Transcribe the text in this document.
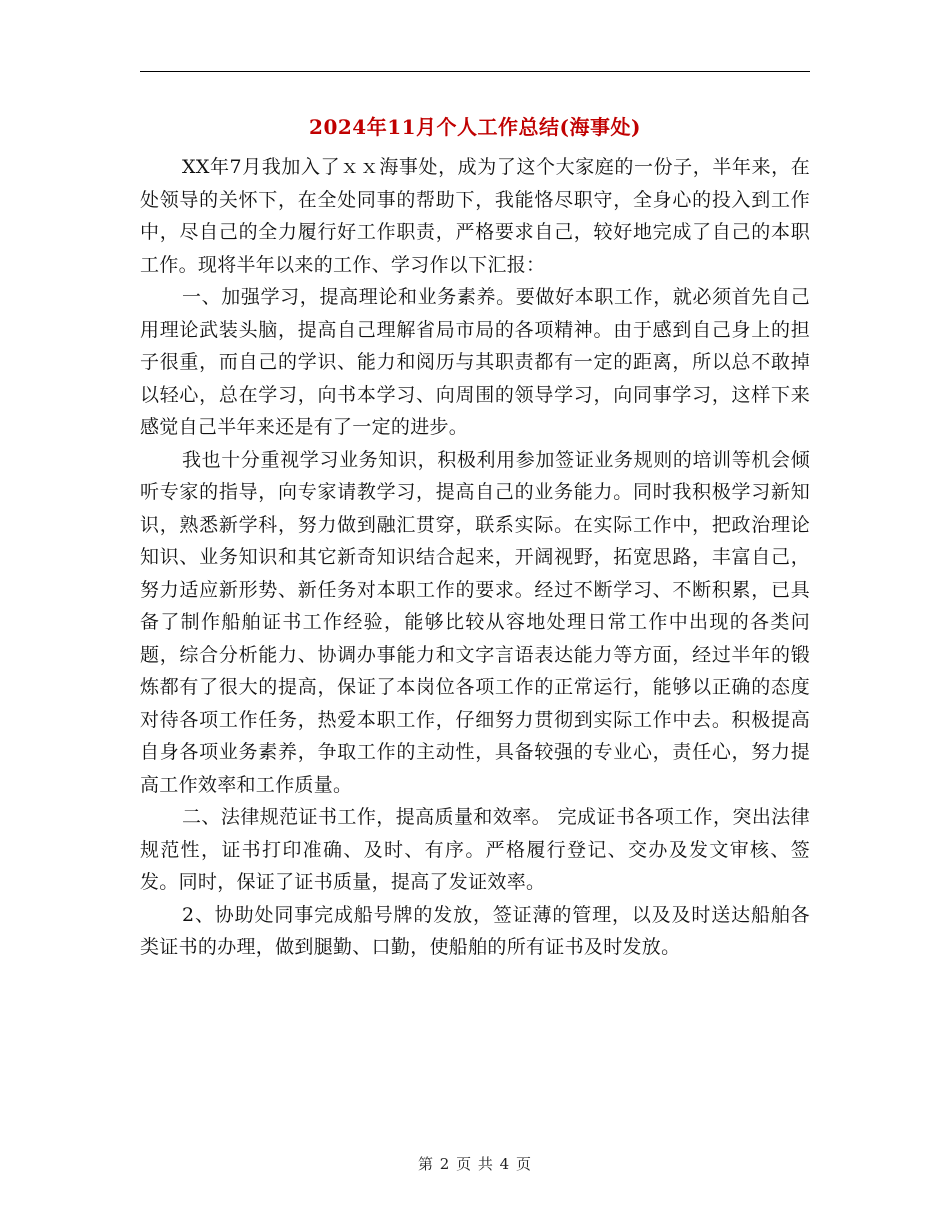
2024年11月个人工作总结(海事处)

XX年7月我加入了ｘｘ海事处，成为了这个大家庭的一份子，半年来，在处领导的关怀下，在全处同事的帮助下，我能恪尽职守，全身心的投入到工作中，尽自己的全力履行好工作职责，严格要求自己，较好地完成了自己的本职工作。现将半年以来的工作、学习作以下汇报：

一、加强学习，提高理论和业务素养。要做好本职工作，就必须首先自己用理论武装头脑，提高自己理解省局市局的各项精神。由于感到自己身上的担子很重，而自己的学识、能力和阅历与其职责都有一定的距离，所以总不敢掉以轻心，总在学习，向书本学习、向周围的领导学习，向同事学习，这样下来感觉自己半年来还是有了一定的进步。

我也十分重视学习业务知识，积极利用参加签证业务规则的培训等机会倾听专家的指导，向专家请教学习，提高自己的业务能力。同时我积极学习新知识，熟悉新学科，努力做到融汇贯穿，联系实际。在实际工作中，把政治理论知识、业务知识和其它新奇知识结合起来，开阔视野，拓宽思路，丰富自己，努力适应新形势、新任务对本职工作的要求。经过不断学习、不断积累，已具备了制作船舶证书工作经验，能够比较从容地处理日常工作中出现的各类问题，综合分析能力、协调办事能力和文字言语表达能力等方面，经过半年的锻炼都有了很大的提高，保证了本岗位各项工作的正常运行，能够以正确的态度对待各项工作任务，热爱本职工作，仔细努力贯彻到实际工作中去。积极提高自身各项业务素养，争取工作的主动性，具备较强的专业心，责任心，努力提高工作效率和工作质量。

二、法律规范证书工作，提高质量和效率。 完成证书各项工作，突出法律规范性，证书打印准确、及时、有序。严格履行登记、交办及发文审核、签发。同时，保证了证书质量，提高了发证效率。

2、协助处同事完成船号牌的发放，签证薄的管理，以及及时送达船舶各类证书的办理，做到腿勤、口勤，使船舶的所有证书及时发放。

第 2 页 共 4 页
